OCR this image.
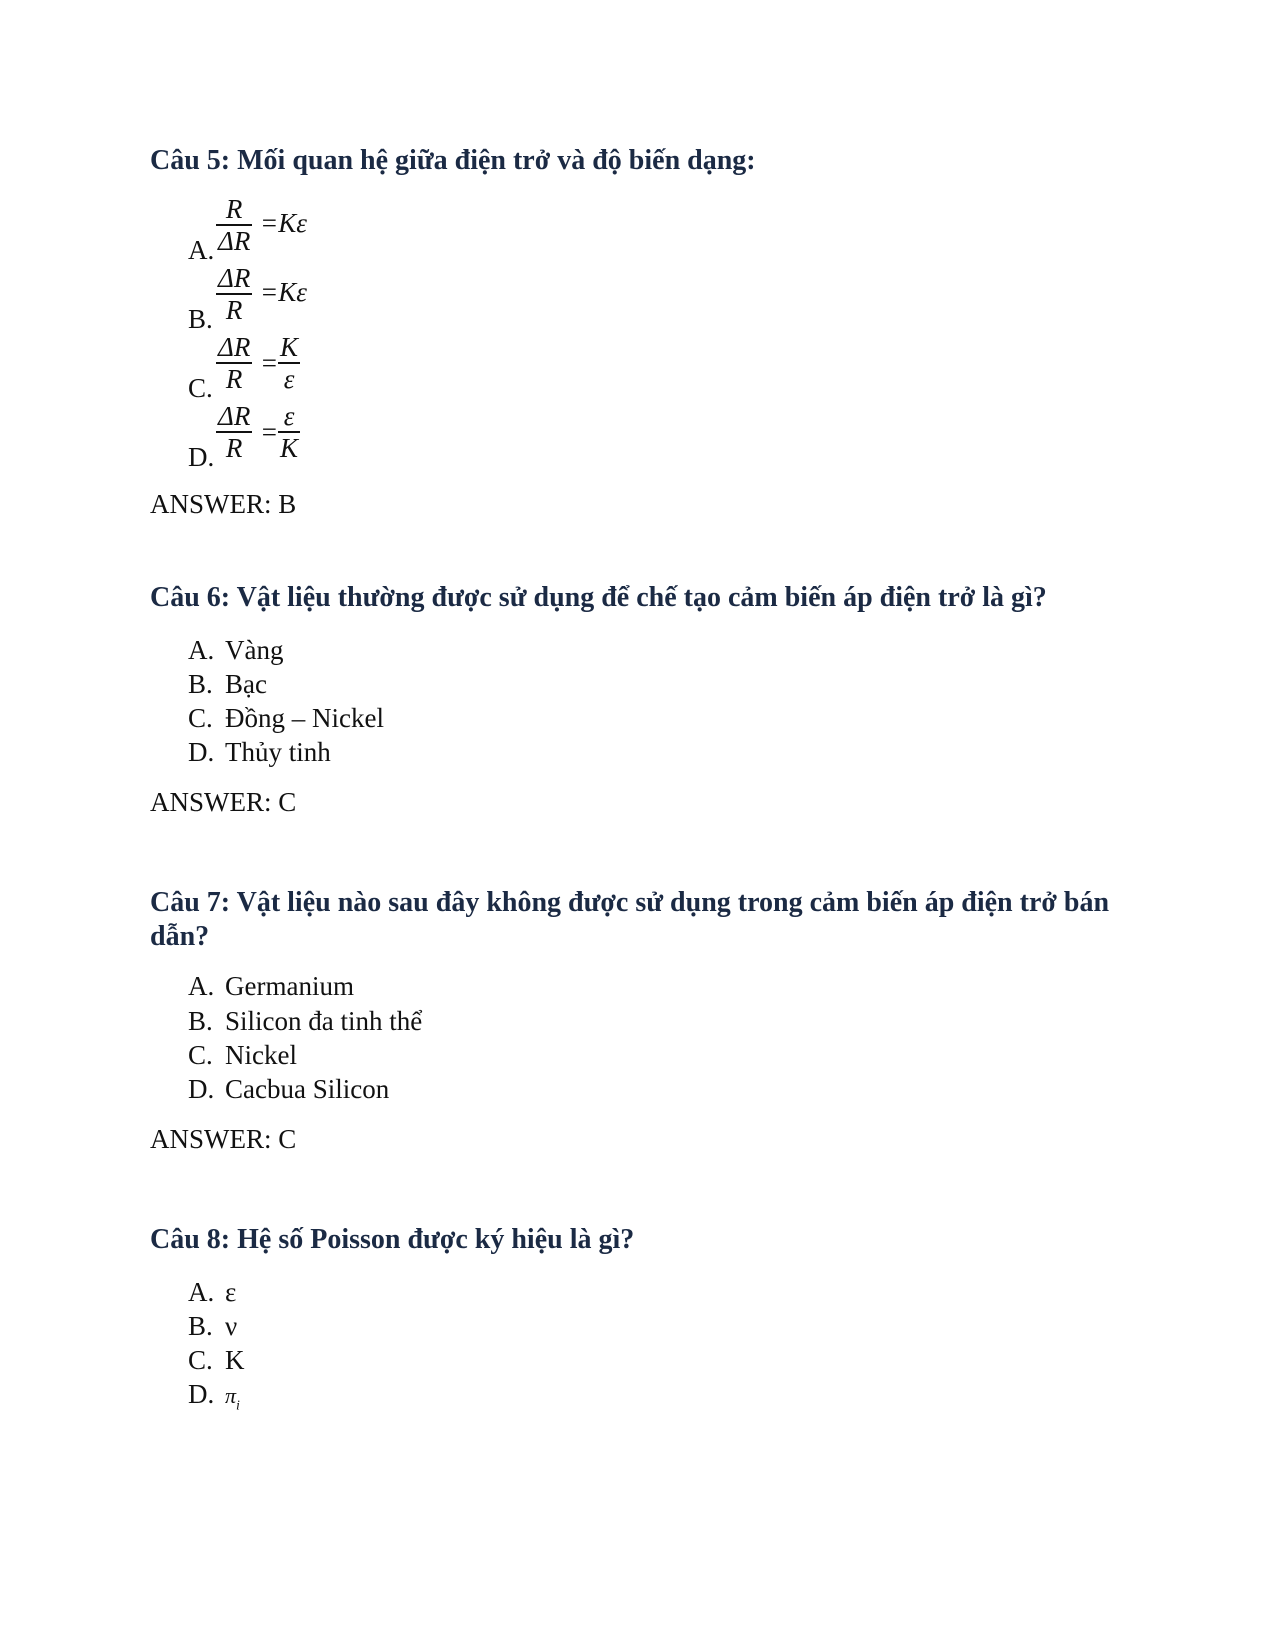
Câu 5: Mối quan hệ giữa điện trở và độ biến dạng:
A. $\frac{R}{\Delta R} =K\varepsilon$
B. $\frac{\Delta R}{R} =K\varepsilon$
C. $\frac{\Delta R}{R} = \frac{K}{\varepsilon}$
D. $\frac{\Delta R}{R} = \frac{\varepsilon}{K}$
ANSWER: B
Câu 6: Vật liệu thường được sử dụng để chế tạo cảm biến áp điện trở là gì?
A. Vàng
B. Bạc
C. Đồng – Nickel
D. Thủy tinh
ANSWER: C
Câu 7: Vật liệu nào sau đây không được sử dụng trong cảm biến áp điện trở bán dẫn?
A. Germanium
B. Silicon đa tinh thể
C. Nickel
D. Cacbua Silicon
ANSWER: C
Câu 8: Hệ số Poisson được ký hiệu là gì?
A. ε
B. ν
C. K
D. $\pi_i$
